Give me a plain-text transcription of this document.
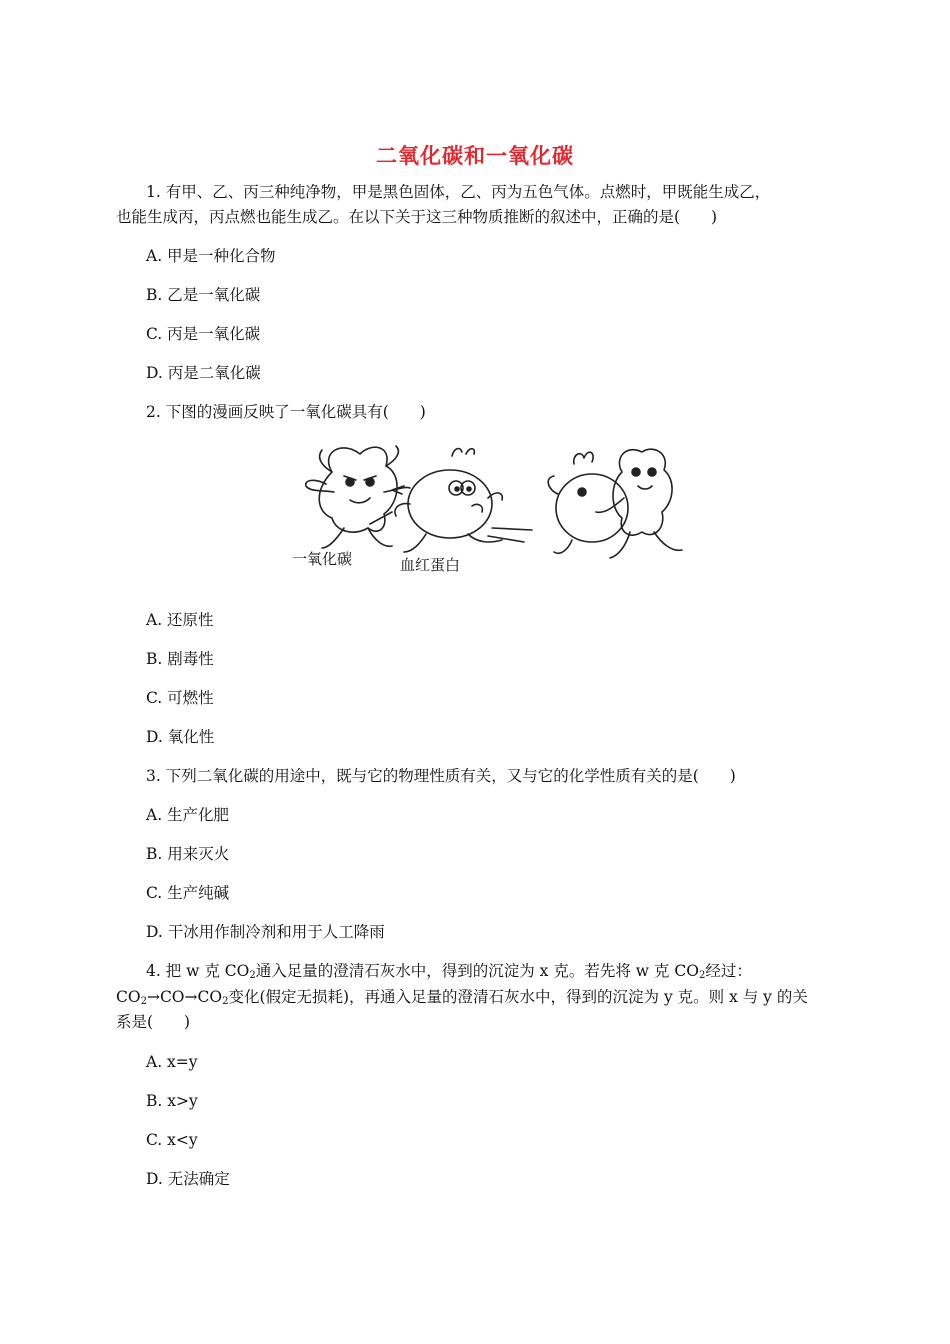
二氧化碳和一氧化碳
1. 有甲、乙、丙三种纯净物，甲是黑色固体，乙、丙为五色气体。点燃时，甲既能生成乙，
也能生成丙，丙点燃也能生成乙。在以下关于这三种物质推断的叙述中，正确的是(　　)
A. 甲是一种化合物
B. 乙是一氧化碳
C. 丙是一氧化碳
D. 丙是二氧化碳
2. 下图的漫画反映了一氧化碳具有(　　)
一氧化碳	血红蛋白
A. 还原性
B. 剧毒性
C. 可燃性
D. 氧化性
3. 下列二氧化碳的用途中，既与它的物理性质有关，又与它的化学性质有关的是(　　)
A. 生产化肥
B. 用来灭火
C. 生产纯碱
D. 干冰用作制冷剂和用于人工降雨
4. 把 w 克 $CO_2$通入足量的澄清石灰水中，得到的沉淀为 x 克。若先将 w 克 $CO_2$经过：
$CO_2\to CO\to CO_2$变化(假定无损耗)，再通入足量的澄清石灰水中，得到的沉淀为 y 克。则 x 与 y 的关
系是(　　)
A. x=y
B. x>y
C. x<y
D. 无法确定
